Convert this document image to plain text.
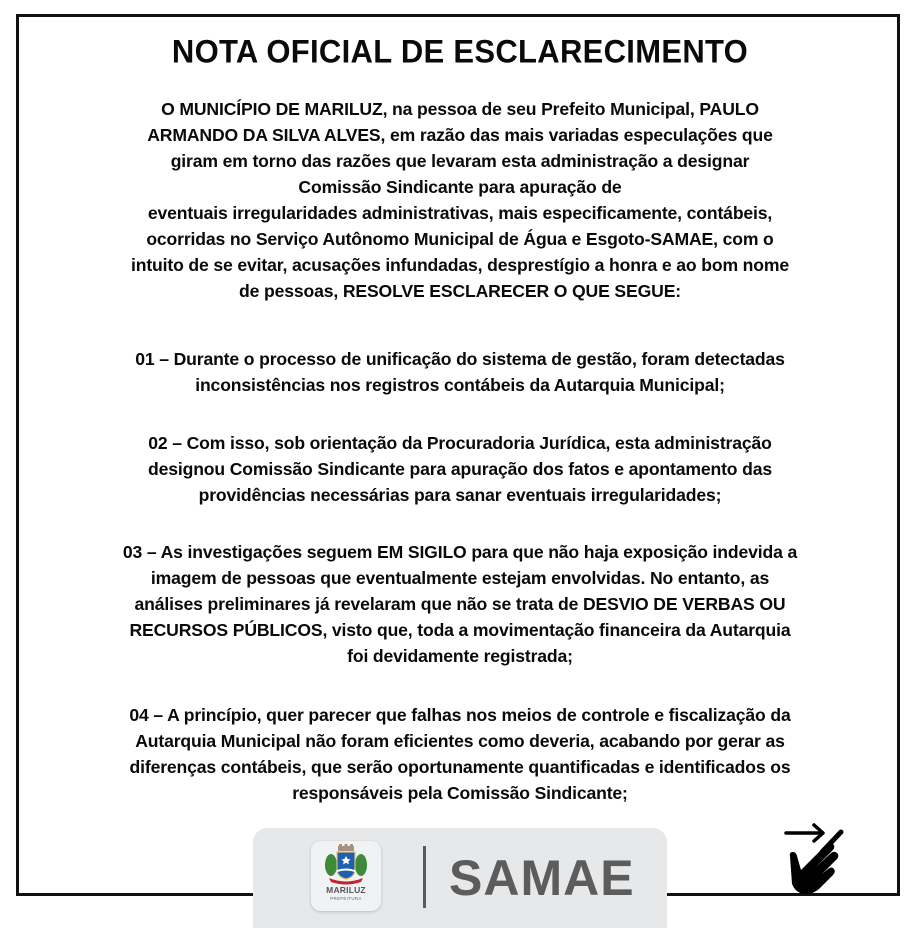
NOTA OFICIAL DE ESCLARECIMENTO

O MUNICÍPIO DE MARILUZ, na pessoa de seu Prefeito Municipal, PAULO

ARMANDO DA SILVA ALVES, em razão das mais variadas especulações que

giram em torno das razões que levaram esta administração a designar

Comissão Sindicante para apuração de

eventuais irregularidades administrativas, mais especificamente, contábeis,

ocorridas no Serviço Autônomo Municipal de Água e Esgoto-SAMAE, com o

intuito de se evitar, acusações infundadas, desprestígio a honra e ao bom nome

de pessoas, RESOLVE ESCLARECER O QUE SEGUE:

01 – Durante o processo de unificação do sistema de gestão, foram detectadas

inconsistências nos registros contábeis da Autarquia Municipal;

02 – Com isso, sob orientação da Procuradoria Jurídica, esta administração

designou Comissão Sindicante para apuração dos fatos e apontamento das

providências necessárias para sanar eventuais irregularidades;

03 – As investigações seguem EM SIGILO para que não haja exposição indevida a

imagem de pessoas que eventualmente estejam envolvidas. No entanto, as

análises preliminares já revelaram que não se trata de DESVIO DE VERBAS OU

RECURSOS PÚBLICOS, visto que, toda a movimentação financeira da Autarquia

foi devidamente registrada;

04 – A princípio, quer parecer que falhas nos meios de controle e fiscalização da

Autarquia Municipal não foram eficientes como deveria, acabando por gerar as

diferenças contábeis, que serão oportunamente quantificadas e identificados os

responsáveis pela Comissão Sindicante;

MARILUZ
PREFEITURA	SAMAE
